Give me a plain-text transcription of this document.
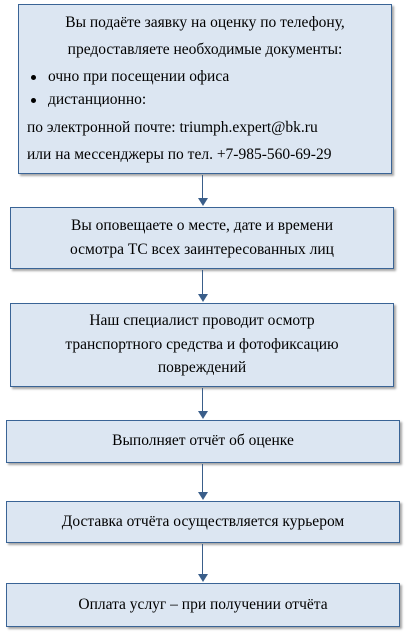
Вы подаёте заявку на оценку по телефону,
предоставляете необходимые документы:
очно при посещении офиса
дистанционно:
по электронной почте: triumph.expert@bk.ru
или на мессенджеры по тел. +7-985-560-69-29
Вы оповещаете о месте, дате и времени
осмотра ТС всех заинтересованных лиц
Наш специалист проводит осмотр
транспортного средства и фотофиксацию
повреждений
Выполняет отчёт об оценке
Доставка отчёта осуществляется курьером
Оплата услуг – при получении отчёта
